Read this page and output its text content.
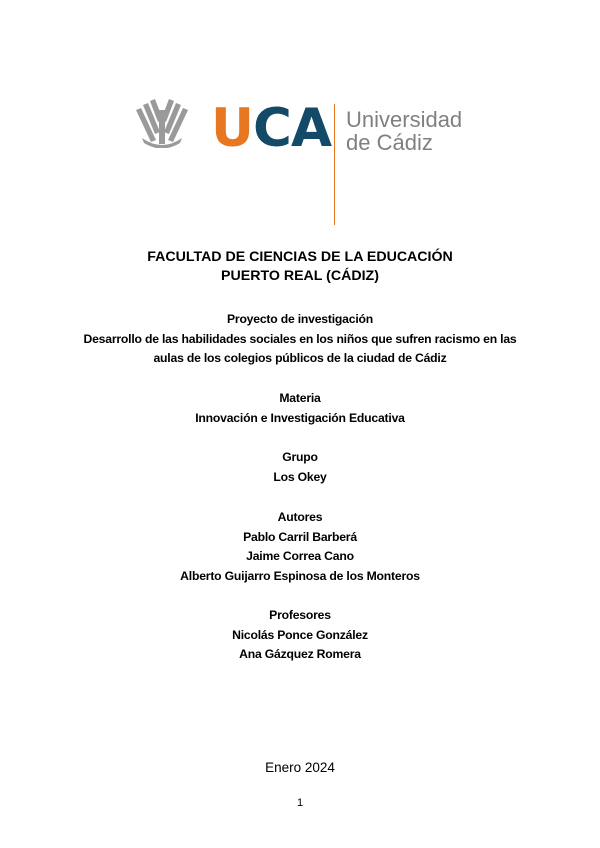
UCA Universidad
de Cádiz
FACULTAD DE CIENCIAS DE LA EDUCACIÓN
PUERTO REAL (CÁDIZ)
Proyecto de investigación
Desarrollo de las habilidades sociales en los niños que sufren racismo en las
aulas de los colegios públicos de la ciudad de Cádiz
Materia
Innovación e Investigación Educativa
Grupo
Los Okey
Autores
Pablo Carril Barberá
Jaime Correa Cano
Alberto Guijarro Espinosa de los Monteros
Profesores
Nicolás Ponce González
Ana Gázquez Romera
Enero 2024
1
